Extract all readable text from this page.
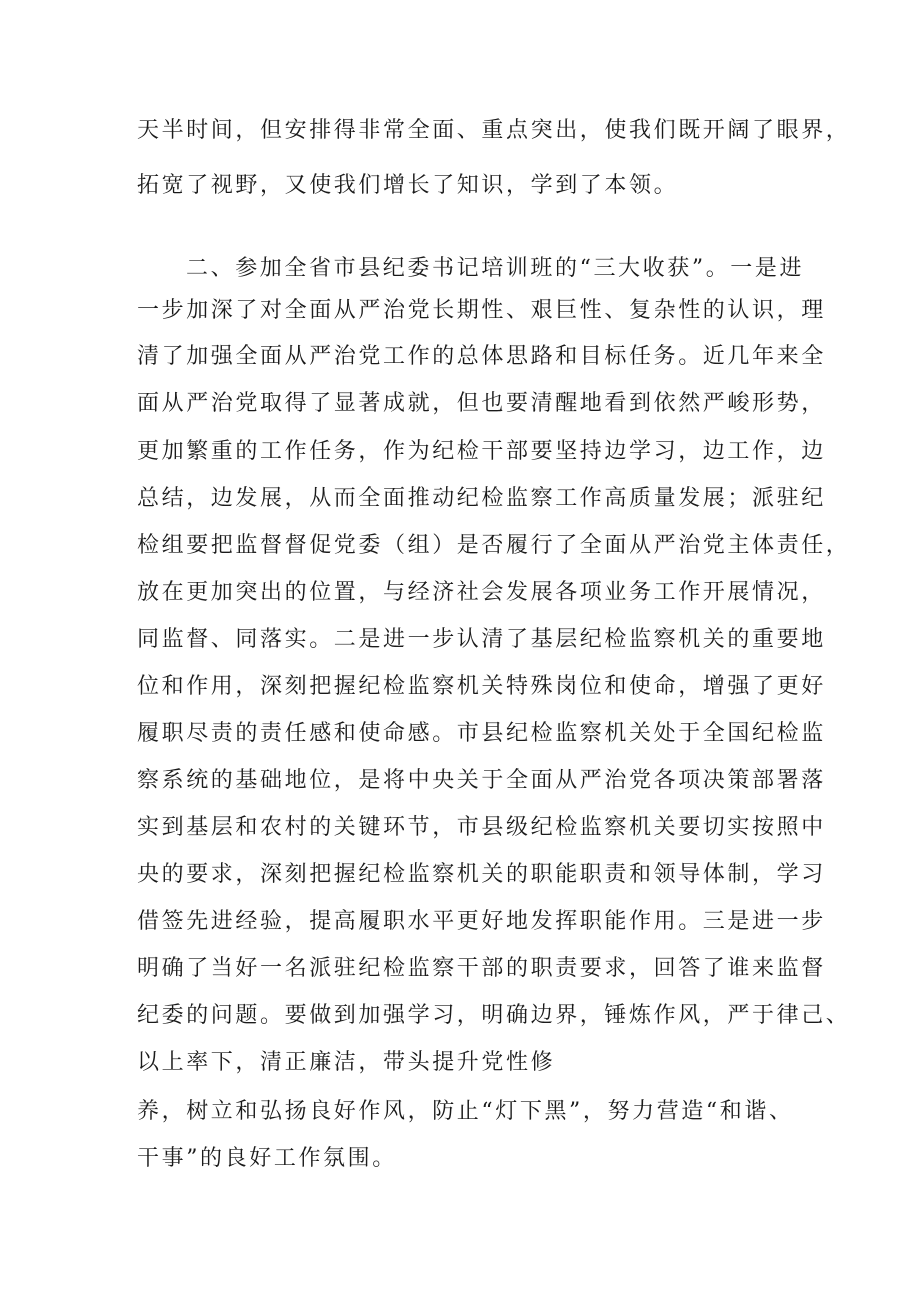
天半时间，但安排得非常全面、重点突出，使我们既开阔了眼界，
拓宽了视野，又使我们增长了知识，学到了本领。
二、参加全省市县纪委书记培训班的“三大收获”。一是进
一步加深了对全面从严治党长期性、艰巨性、复杂性的认识，理
清了加强全面从严治党工作的总体思路和目标任务。近几年来全
面从严治党取得了显著成就，但也要清醒地看到依然严峻形势，
更加繁重的工作任务，作为纪检干部要坚持边学习，边工作，边
总结，边发展，从而全面推动纪检监察工作高质量发展；派驻纪
检组要把监督督促党委（组）是否履行了全面从严治党主体责任，
放在更加突出的位置，与经济社会发展各项业务工作开展情况，
同监督、同落实。二是进一步认清了基层纪检监察机关的重要地
位和作用，深刻把握纪检监察机关特殊岗位和使命，增强了更好
履职尽责的责任感和使命感。市县纪检监察机关处于全国纪检监
察系统的基础地位，是将中央关于全面从严治党各项决策部署落
实到基层和农村的关键环节，市县级纪检监察机关要切实按照中
央的要求，深刻把握纪检监察机关的职能职责和领导体制，学习
借签先进经验，提高履职水平更好地发挥职能作用。三是进一步
明确了当好一名派驻纪检监察干部的职责要求，回答了谁来监督
纪委的问题。要做到加强学习，明确边界，锤炼作风，严于律己、
以上率下，清正廉洁，带头提升党性修
养，树立和弘扬良好作风，防止“灯下黑”，努力营造“和谐、
干事”的良好工作氛围。
